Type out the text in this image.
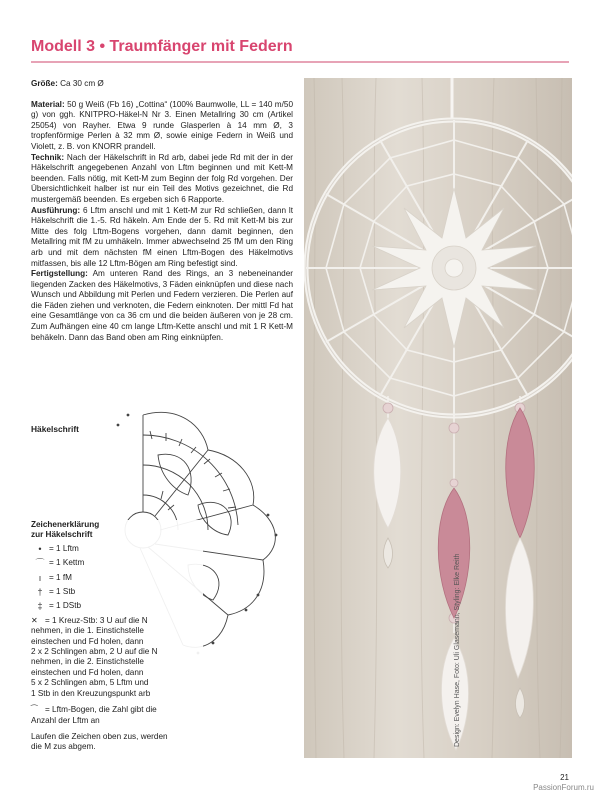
Modell 3 • Traumfänger mit Federn

Größe: Ca 30 cm Ø

Material: 50 g Weiß (Fb 16) „Cottina“ (100% Baumwolle, LL = 140 m/50 g) von ggh. KNITPRO-Häkel-N Nr 3. Einen Metallring 30 cm (Artikel 25054) von Rayher. Etwa 9 runde Glasperlen à 14 mm Ø, 3 tropfenförmige Perlen à 32 mm Ø, sowie einige Federn in Weiß und Violett, z. B. von KNORR prandell.

Technik: Nach der Häkelschrift in Rd arb, dabei jede Rd mit der in der Häkelschrift angegebenen Anzahl von Lftm beginnen und mit Kett-M beenden. Falls nötig, mit Kett-M zum Beginn der folg Rd vorgehen. Der Übersichtlichkeit halber ist nur ein Teil des Motivs gezeichnet, die Rd mustergemäß beenden. Es ergeben sich 6 Rapporte.

Ausführung: 6 Lftm anschl und mit 1 Kett-M zur Rd schließen, dann lt Häkelschrift die 1.-5. Rd häkeln. Am Ende der 5. Rd mit Kett-M bis zur Mitte des folg Lftm-Bogens vorgehen, dann damit beginnen, den Metallring mit fM zu umhäkeln. Immer abwechselnd 25 fM um den Ring arb und mit dem nächsten fM einen Lftm-Bogen des Häkelmotivs mitfassen, bis alle 12 Lftm-Bögen am Ring befestigt sind.

Fertigstellung: Am unteren Rand des Rings, an 3 nebeneinander liegenden Zacken des Häkelmotivs, 3 Fäden einknüpfen und diese nach Wunsch und Abbildung mit Perlen und Federn verzieren. Die Perlen auf die Fäden ziehen und verknoten, die Federn einknoten. Der mittl Fd hat eine Gesamtlänge von ca 36 cm und die beiden äußeren von je 28 cm. Zum Aufhängen eine 40 cm lange Lftm-Kette anschl und mit 1 R Kett-M behäkeln. Dann das Band oben am Ring einknüpfen.

Design: Evelyn Hase, Foto: Uli Glasemann, Styling: Elke Reith
Häkelschrift
Zeichenerklärung
zur Häkelschrift
• = 1 Lftm
⌒ = 1 Kettm
ı = 1 fM
† = 1 Stb
‡ = 1 DStb
✕ = 1 Kreuz-Stb: 3 U auf die N
nehmen, in die 1. Einstichstelle
einstechen und Fd holen, dann
2 x 2 Schlingen abm, 2 U auf die N
nehmen, in die 2. Einstichstelle
einstechen und Fd holen, dann
5 x 2 Schlingen abm, 5 Lftm und
1 Stb in den Kreuzungspunkt arb
⁀ = Lftm-Bogen, die Zahl gibt die
Anzahl der Lftm an
Laufen die Zeichen oben zus, werden
die M zus abgem.
21
PassionForum.ru
